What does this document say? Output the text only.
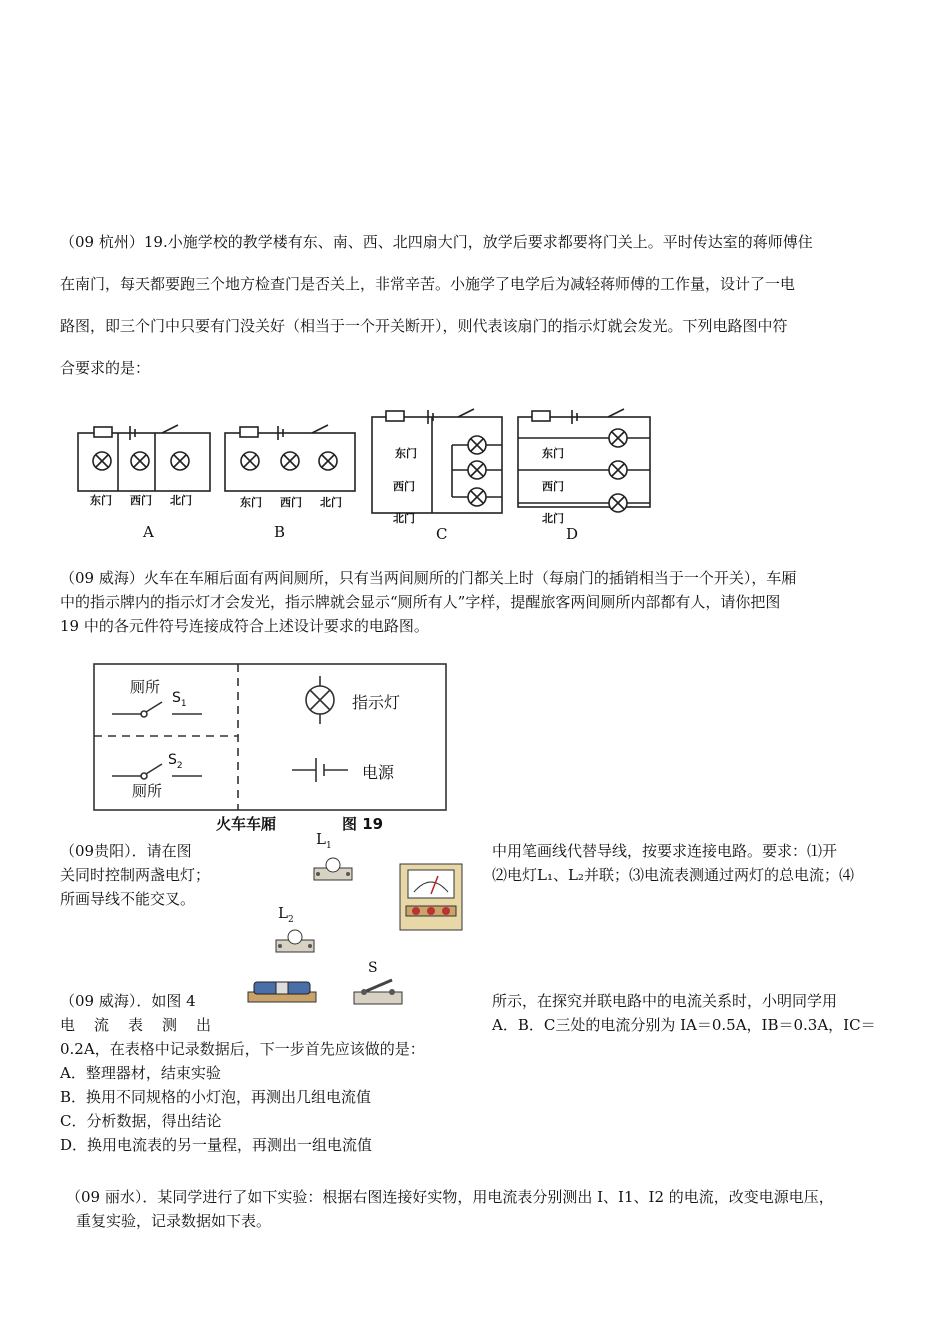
（09 杭州）19.小施学校的教学楼有东、南、西、北四扇大门，放学后要求都要将门关上。平时传达室的蒋师傅住
在南门，每天都要跑三个地方检查门是否关上，非常辛苦。小施学了电学后为减轻蒋师傅的工作量，设计了一电
路图，即三个门中只要有门没关好（相当于一个开关断开），则代表该扇门的指示灯就会发光。下列电路图中符
合要求的是：
东门 西门 北门	东门 西门 北门
东门
西门
北门
东门
西门
北门
A	B	C	D
（09 威海）火车在车厢后面有两间厕所，只有当两间厕所的门都关上时（每扇门的插销相当于一个开关），车厢
中的指示牌内的指示灯才会发光，指示牌就会显示“厕所有人”字样，提醒旅客两间厕所内部都有人，请你把图
19 中的各元件符号连接成符合上述设计要求的电路图。
厕所
$S_1$
$S_2$
厕所
指示灯
电源
火车车厢	图 19
（09贵阳）．请在图
关同时控制两盏电灯；
所画导线不能交叉。
中用笔画线代替导线，按要求连接电路。要求：⑴开
⑵电灯L₁、L₂并联；⑶电流表测通过两灯的总电流；⑷
$L_1$
$L_2$
S
（09 威海）．如图 4
电　流　表　测　出
所示，在探究并联电路中的电流关系时，小明同学用
A．B．C三处的电流分别为 IA＝0.5A，IB＝0.3A，IC＝
0.2A，在表格中记录数据后，下一步首先应该做的是：
A．整理器材，结束实验
B．换用不同规格的小灯泡，再测出几组电流值
C．分析数据，得出结论
D．换用电流表的另一量程，再测出一组电流值
（09 丽水）．某同学进行了如下实验：根据右图连接好实物，用电流表分别测出 I、I1、I2 的电流，改变电源电压，
重复实验，记录数据如下表。
